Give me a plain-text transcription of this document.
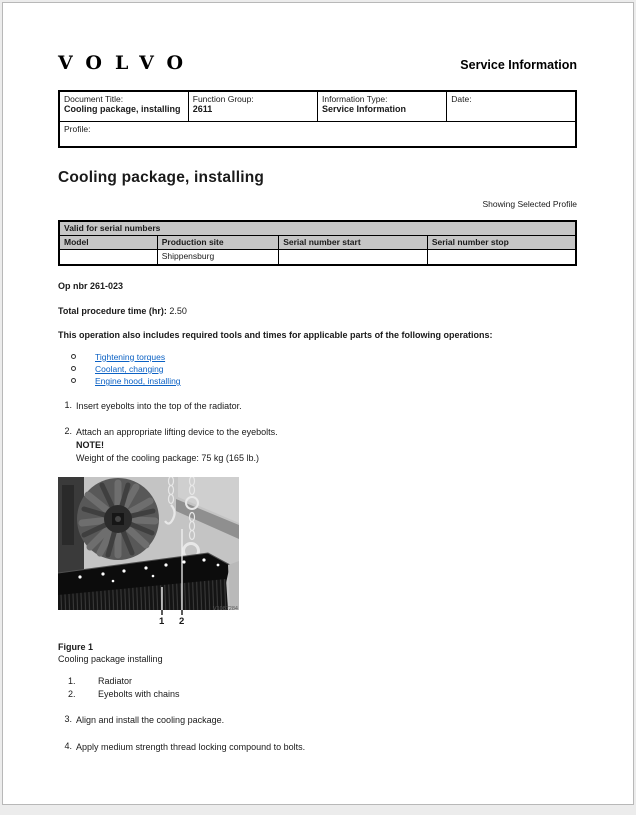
VOLVO	Service Information
Document Title:
Cooling package, installing

Function Group:
2611

Information Type:
Service Information

Date:

Profile:
Cooling package, installing
Showing Selected Profile
Valid for serial numbers			
Model	Production site	Serial number start	Serial number stop
	Shippensburg		
Op nbr 261-023
Total procedure time (hr): 2.50
This operation also includes required tools and times for applicable parts of the following operations:
Tightening torques
Coolant, changing
Engine hood, installing
1. Insert eyebolts into the top of the radiator.
2. Attach an appropriate lifting device to the eyebolts.
NOTE!
Weight of the cooling package: 75 kg (165 lb.)
V1087284
1 2
Figure 1
Cooling package installing
1.	Radiator
2.	Eyebolts with chains
3. Align and install the cooling package.
4. Apply medium strength thread locking compound to bolts.
